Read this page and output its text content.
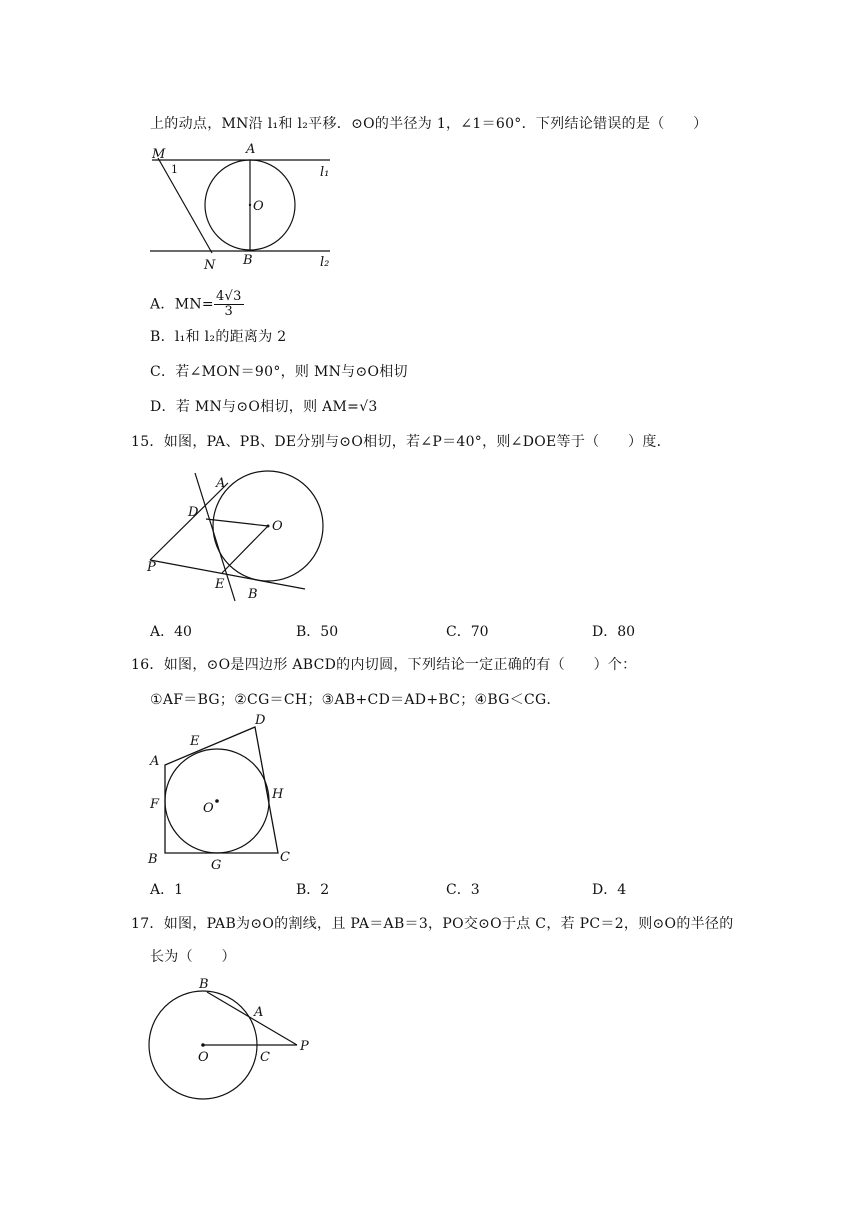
上的动点，MN沿 l₁和 l₂平移．⊙O的半径为 1，∠1＝60°．下列结论错误的是（　　）
M
1
A
O
l₁
N B	l₂
A．$MN= \frac{4√3}{3}$
B．l₁和 l₂的距离为 2
C．若∠MON＝90°，则 MN与⊙O相切
D．若 MN与⊙O相切，则 AM=√3
15．如图，PA、PB、DE分别与⊙O相切，若∠P＝40°，则∠DOE等于（　　）度．
A
D
O
P
E
B
A．40	B．50	C．70	D．80
16．如图，⊙O是四边形 ABCD的内切圆，下列结论一定正确的有（　　）个：
①AF＝BG；②CG＝CH；③AB+CD＝AD+BC；④BG＜CG．
D
E
A
F	O
H
B	G
C
A．1	B．2	C．3	D．4
17．如图，PAB为⊙O的割线，且 PA＝AB＝3，PO交⊙O于点 C，若 PC＝2，则⊙O的半径的
长为（　　）
B
A
O	C
P
